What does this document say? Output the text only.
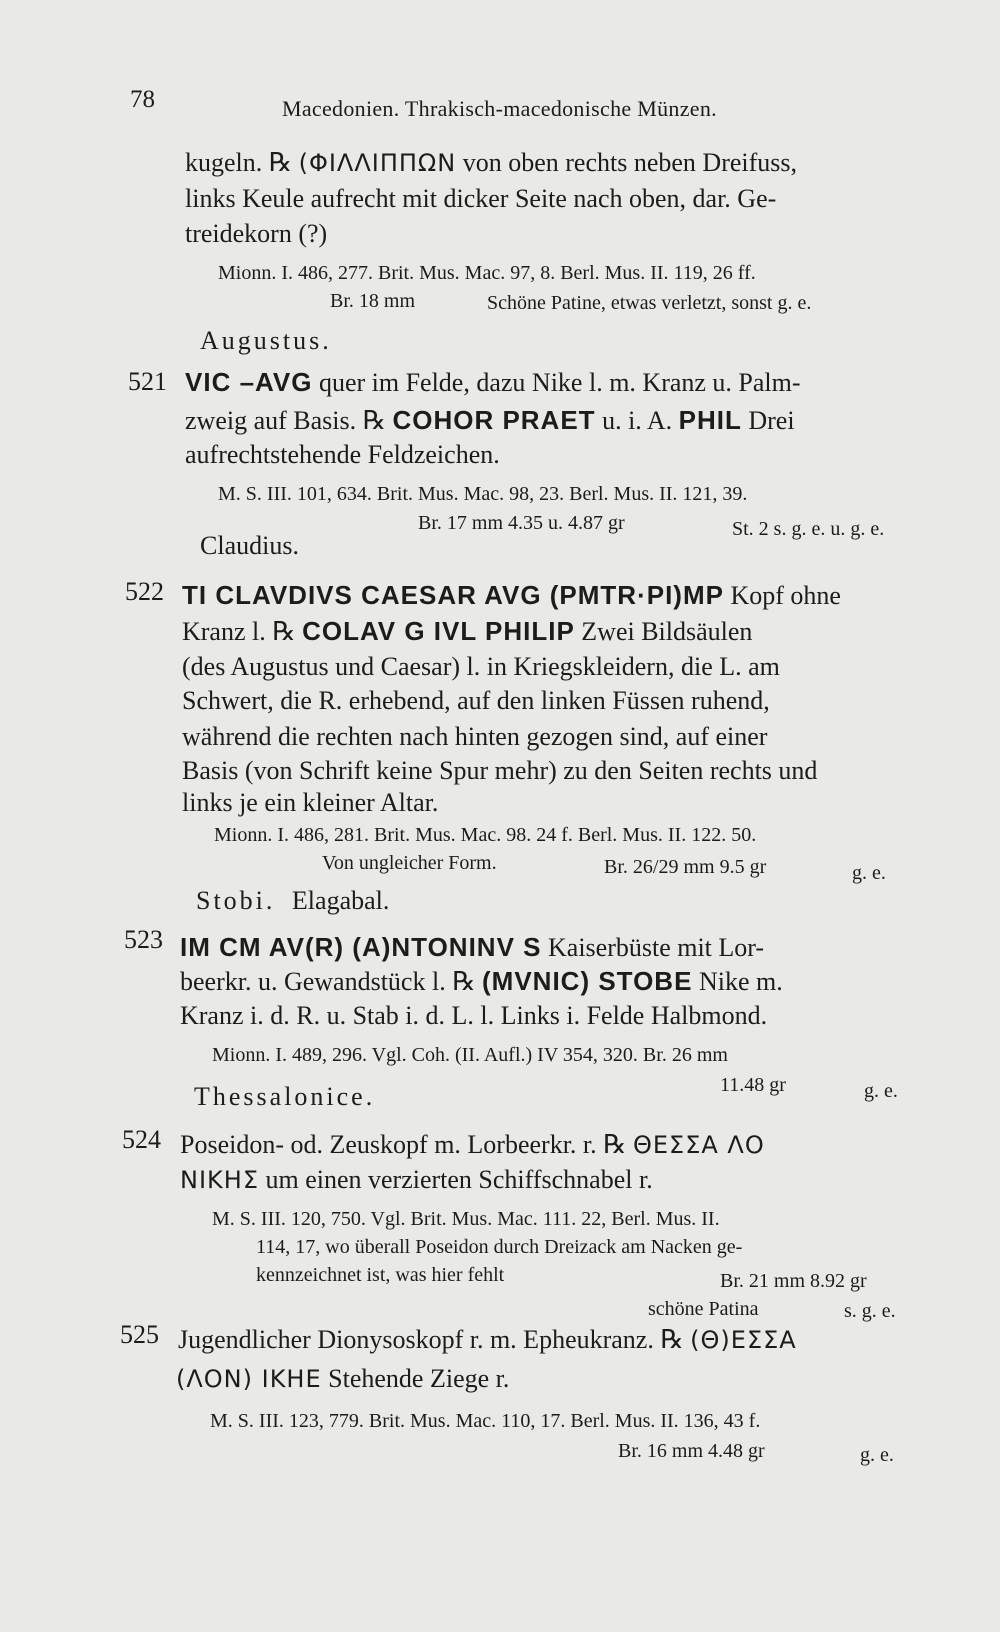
78	Macedonien. Thrakisch-macedonische Münzen.
kugeln. ℞ (ΦΙΛΛΙΠΠΩΝ von oben rechts neben Dreifuss,
links Keule aufrecht mit dicker Seite nach oben, dar. Ge-
treidekorn (?)
Mionn. I. 486, 277. Brit. Mus. Mac. 97, 8. Berl. Mus. II. 119, 26 ff.
Br. 18 mm	Schöne Patine, etwas verletzt, sonst g. e.
Augustus.
521 VIC –AVG quer im Felde, dazu Nike l. m. Kranz u. Palm-
zweig auf Basis. ℞ COHOR PRAET u. i. A. PHIL Drei
aufrechtstehende Feldzeichen.
M. S. III. 101, 634. Brit. Mus. Mac. 98, 23. Berl. Mus. II. 121, 39.
Br. 17 mm 4.35 u. 4.87 gr	St. 2 s. g. e. u. g. e.
Claudius.
522 TI CLAVDIVS CAESAR AVG (PMTR·PI)MP Kopf ohne
Kranz l. ℞ COLAV G IVL PHILIP Zwei Bildsäulen
(des Augustus und Caesar) l. in Kriegskleidern, die L. am
Schwert, die R. erhebend, auf den linken Füssen ruhend,
während die rechten nach hinten gezogen sind, auf einer
Basis (von Schrift keine Spur mehr) zu den Seiten rechts und
links je ein kleiner Altar.
Mionn. I. 486, 281. Brit. Mus. Mac. 98. 24 f. Berl. Mus. II. 122. 50.
Von ungleicher Form.	Br. 26/29 mm 9.5 gr	g. e.
Stobi. Elagabal.
523 IM CM AV(R) (A)NTONINV S Kaiserbüste mit Lor-
beerkr. u. Gewandstück l. ℞ (MVNIC) STOBE Nike m.
Kranz i. d. R. u. Stab i. d. L. l. Links i. Felde Halbmond.
Mionn. I. 489, 296. Vgl. Coh. (II. Aufl.) IV 354, 320. Br. 26 mm
11.48 gr	g. e.
Thessalonice.
524 Poseidon- od. Zeuskopf m. Lorbeerkr. r. ℞ ΘΕΣΣΑ ΛΟ
ΝΙΚΗΣ um einen verzierten Schiffschnabel r.
M. S. III. 120, 750. Vgl. Brit. Mus. Mac. 111. 22, Berl. Mus. II.
114, 17, wo überall Poseidon durch Dreizack am Nacken ge-
kennzeichnet ist, was hier fehlt	Br. 21 mm 8.92 gr
schöne Patina	s. g. e.
525 Jugendlicher Dionysoskopf r. m. Epheukranz. ℞ (Θ)ΕΣΣΑ
(ΛΟΝ) ΙΚΗΕ Stehende Ziege r.
M. S. III. 123, 779. Brit. Mus. Mac. 110, 17. Berl. Mus. II. 136, 43 f.
Br. 16 mm 4.48 gr	g. e.
